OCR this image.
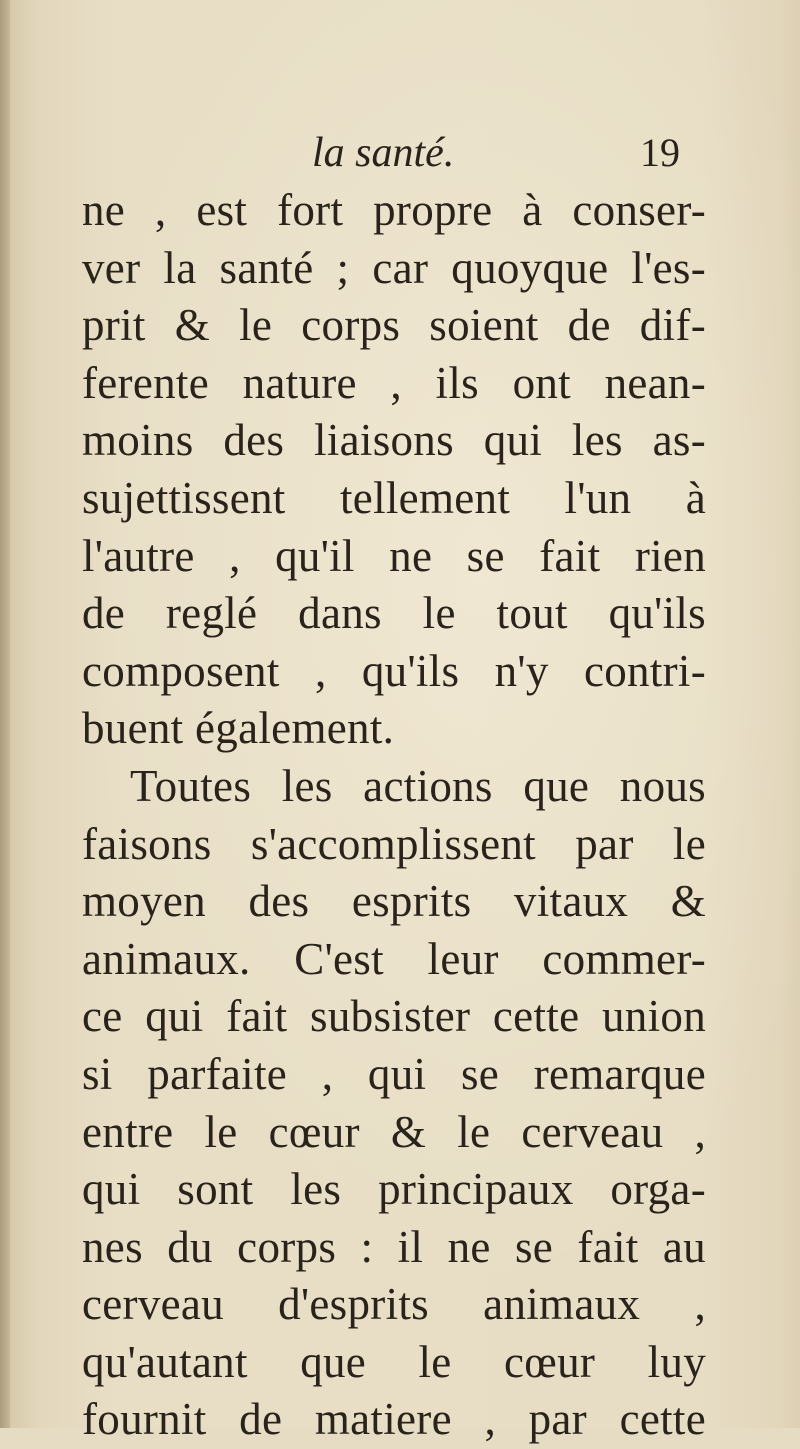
la santé.	19
ne , est fort propre à conser-
ver la santé ; car quoyque l'es-
prit & le corps soient de dif-
ferente nature , ils ont nean-
moins des liaisons qui les as-
sujettissent tellement l'un à
l'autre , qu'il ne se fait rien
de reglé dans le tout qu'ils
composent , qu'ils n'y contri-
buent également.
Toutes les actions que nous
faisons s'accomplissent par le
moyen des esprits vitaux &
animaux. C'est leur commer-
ce qui fait subsister cette union
si parfaite , qui se remarque
entre le cœur & le cerveau ,
qui sont les principaux orga-
nes du corps : il ne se fait au
cerveau d'esprits animaux ,
qu'autant que le cœur luy
fournit de matiere , par cette
